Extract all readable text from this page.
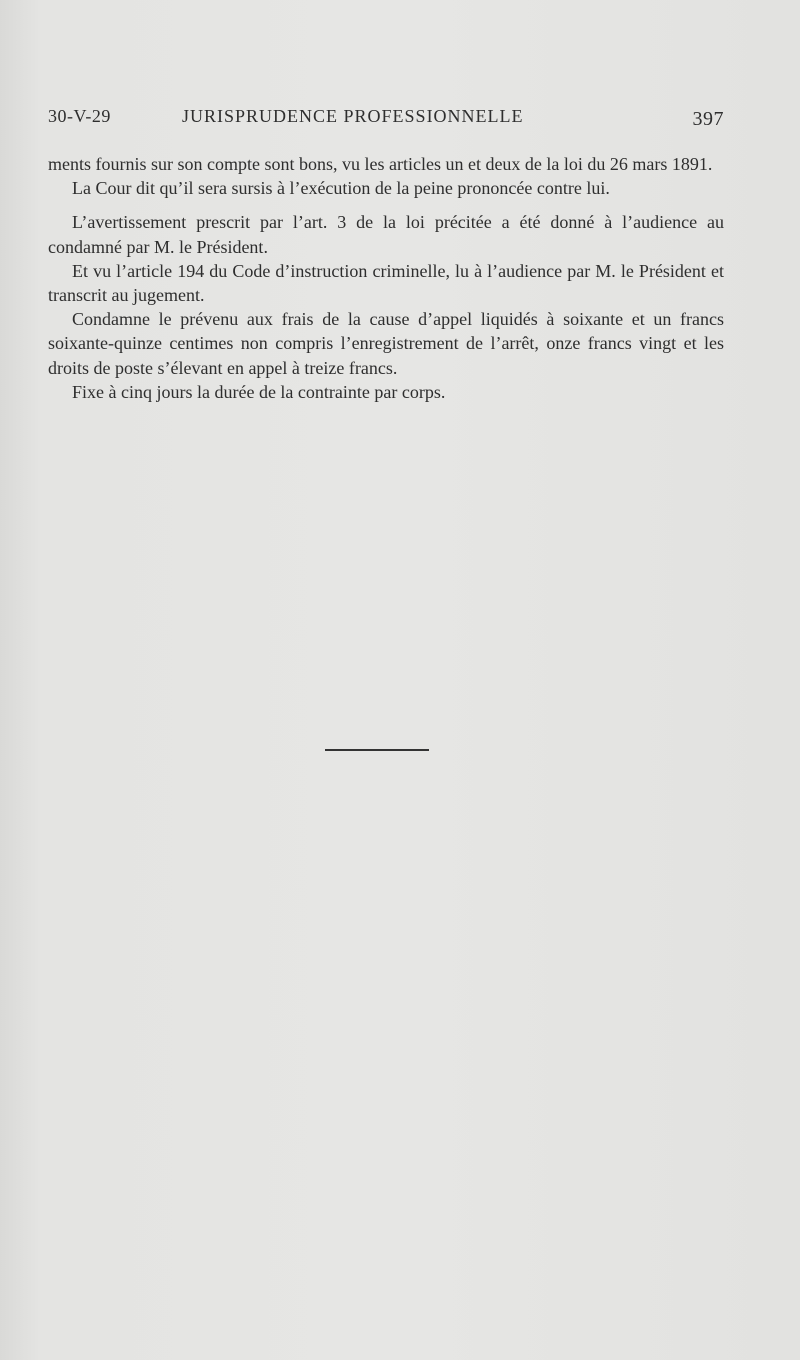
30-V-29	JURISPRUDENCE PROFESSIONNELLE	397

ments fournis sur son compte sont bons, vu les articles un et deux de la loi du 26 mars 1891.

La Cour dit qu’il sera sursis à l’exécution de la peine prononcée contre lui.

L’avertissement prescrit par l’art. 3 de la loi précitée a été donné à l’audience au condamné par M. le Président.

Et vu l’article 194 du Code d’instruction criminelle, lu à l’audience par M. le Président et transcrit au jugement.

Condamne le prévenu aux frais de la cause d’appel liquidés à soixante et un francs soixante-quinze centimes non compris l’enregistrement de l’arrêt, onze francs vingt et les droits de poste s’élevant en appel à treize francs.

Fixe à cinq jours la durée de la contrainte par corps.
